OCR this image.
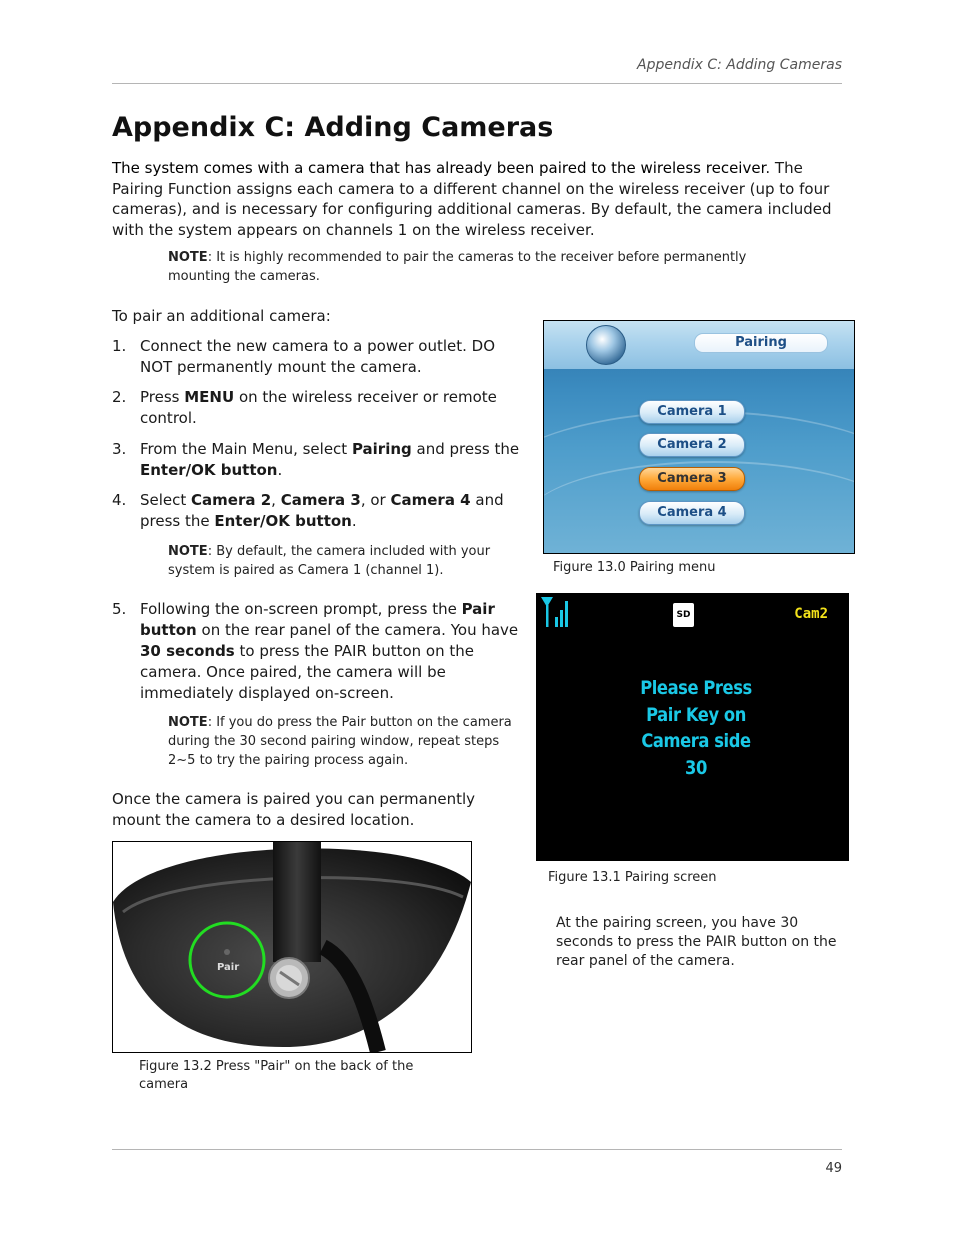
Appendix C: Adding Cameras
Appendix C: Adding Cameras
The system comes with a camera that has already been paired to the wireless receiver. The Pairing Function assigns each camera to a different channel on the wireless receiver (up to four cameras), and is necessary for configuring additional cameras. By default, the camera included with the system appears on channels 1 on the wireless receiver.
NOTE: It is highly recommended to pair the cameras to the receiver before permanently mounting the cameras.
To pair an additional camera:
1. Connect the new camera to a power outlet. DO NOT permanently mount the camera.
2. Press MENU on the wireless receiver or remote control.
3. From the Main Menu, select Pairing and press the Enter/OK button.
4. Select Camera 2, Camera 3, or Camera 4 and press the Enter/OK button.
NOTE: By default, the camera included with your system is paired as Camera 1 (channel 1).
5. Following the on-screen prompt, press the Pair button on the rear panel of the camera. You have 30 seconds to press the PAIR button on the camera. Once paired, the camera will be immediately displayed on-screen.
NOTE: If you do press the Pair button on the camera during the 30 second pairing window, repeat steps 2~5 to try the pairing process again.
Once the camera is paired you can permanently mount the camera to a desired location.
Pairing
Camera 1
Camera 2
Camera 3
Camera 4
Figure 13.0 Pairing menu
SD	Cam2
Please Press
Pair Key on
Camera side
30
Figure 13.1 Pairing screen
At the pairing screen, you have 30 seconds to press the PAIR button on the rear panel of the camera.
Pair
Figure 13.2 Press "Pair" on the back of the camera
49
